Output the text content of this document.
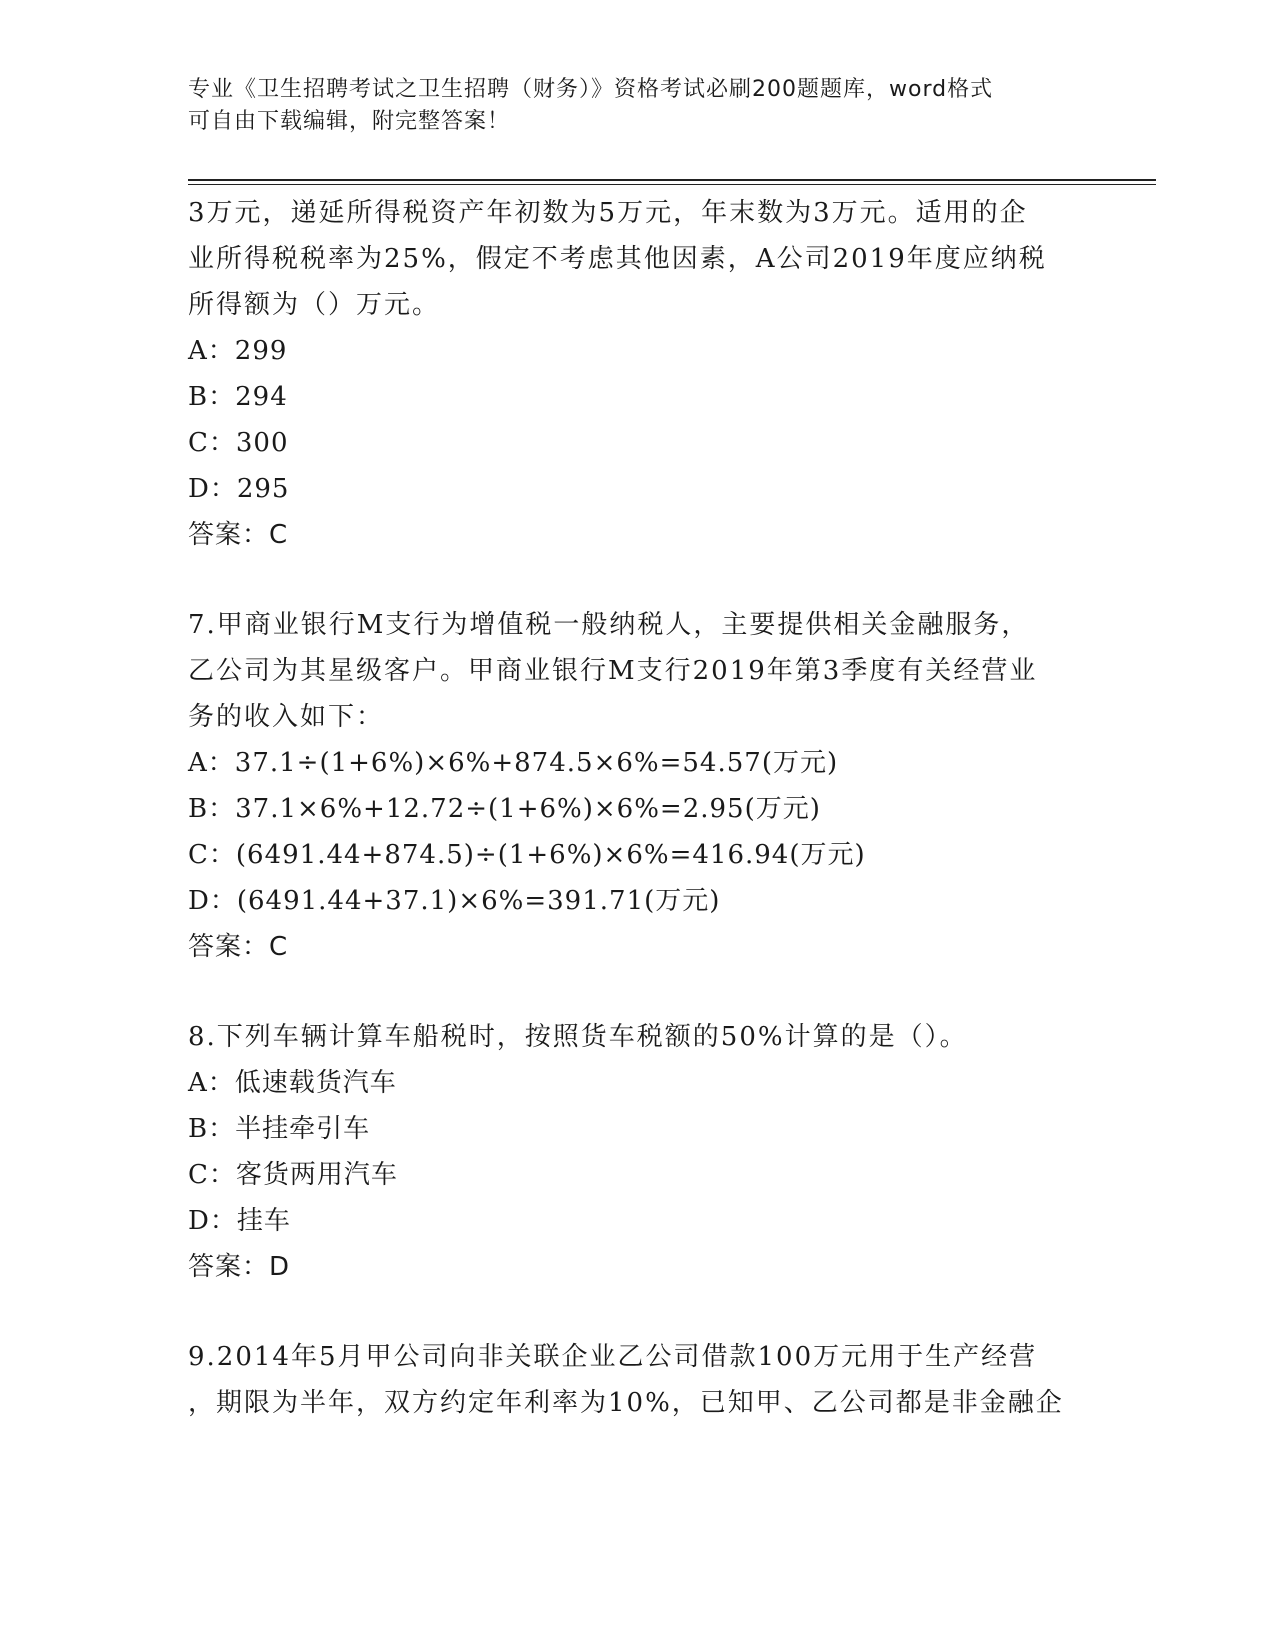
专业《卫生招聘考试之卫生招聘（财务）》资格考试必刷200题题库，word格式
可自由下载编辑，附完整答案！
3万元，递延所得税资产年初数为5万元，年末数为3万元。适用的企
业所得税税率为25%，假定不考虑其他因素，A公司2019年度应纳税
所得额为（）万元。
A：299
B：294
C：300
D：295
答案：C
7.甲商业银行M支行为增值税一般纳税人，主要提供相关金融服务，
乙公司为其星级客户。甲商业银行M支行2019年第3季度有关经营业
务的收入如下：
A：37.1÷(1+6%)×6%+874.5×6%=54.57(万元)
B：37.1×6%+12.72÷(1+6%)×6%=2.95(万元)
C：(6491.44+874.5)÷(1+6%)×6%=416.94(万元)
D：(6491.44+37.1)×6%=391.71(万元)
答案：C
8.下列车辆计算车船税时，按照货车税额的50%计算的是（）。
A：低速载货汽车
B：半挂牵引车
C：客货两用汽车
D：挂车
答案：D
9.2014年5月甲公司向非关联企业乙公司借款100万元用于生产经营
，期限为半年，双方约定年利率为10%，已知甲、乙公司都是非金融企
